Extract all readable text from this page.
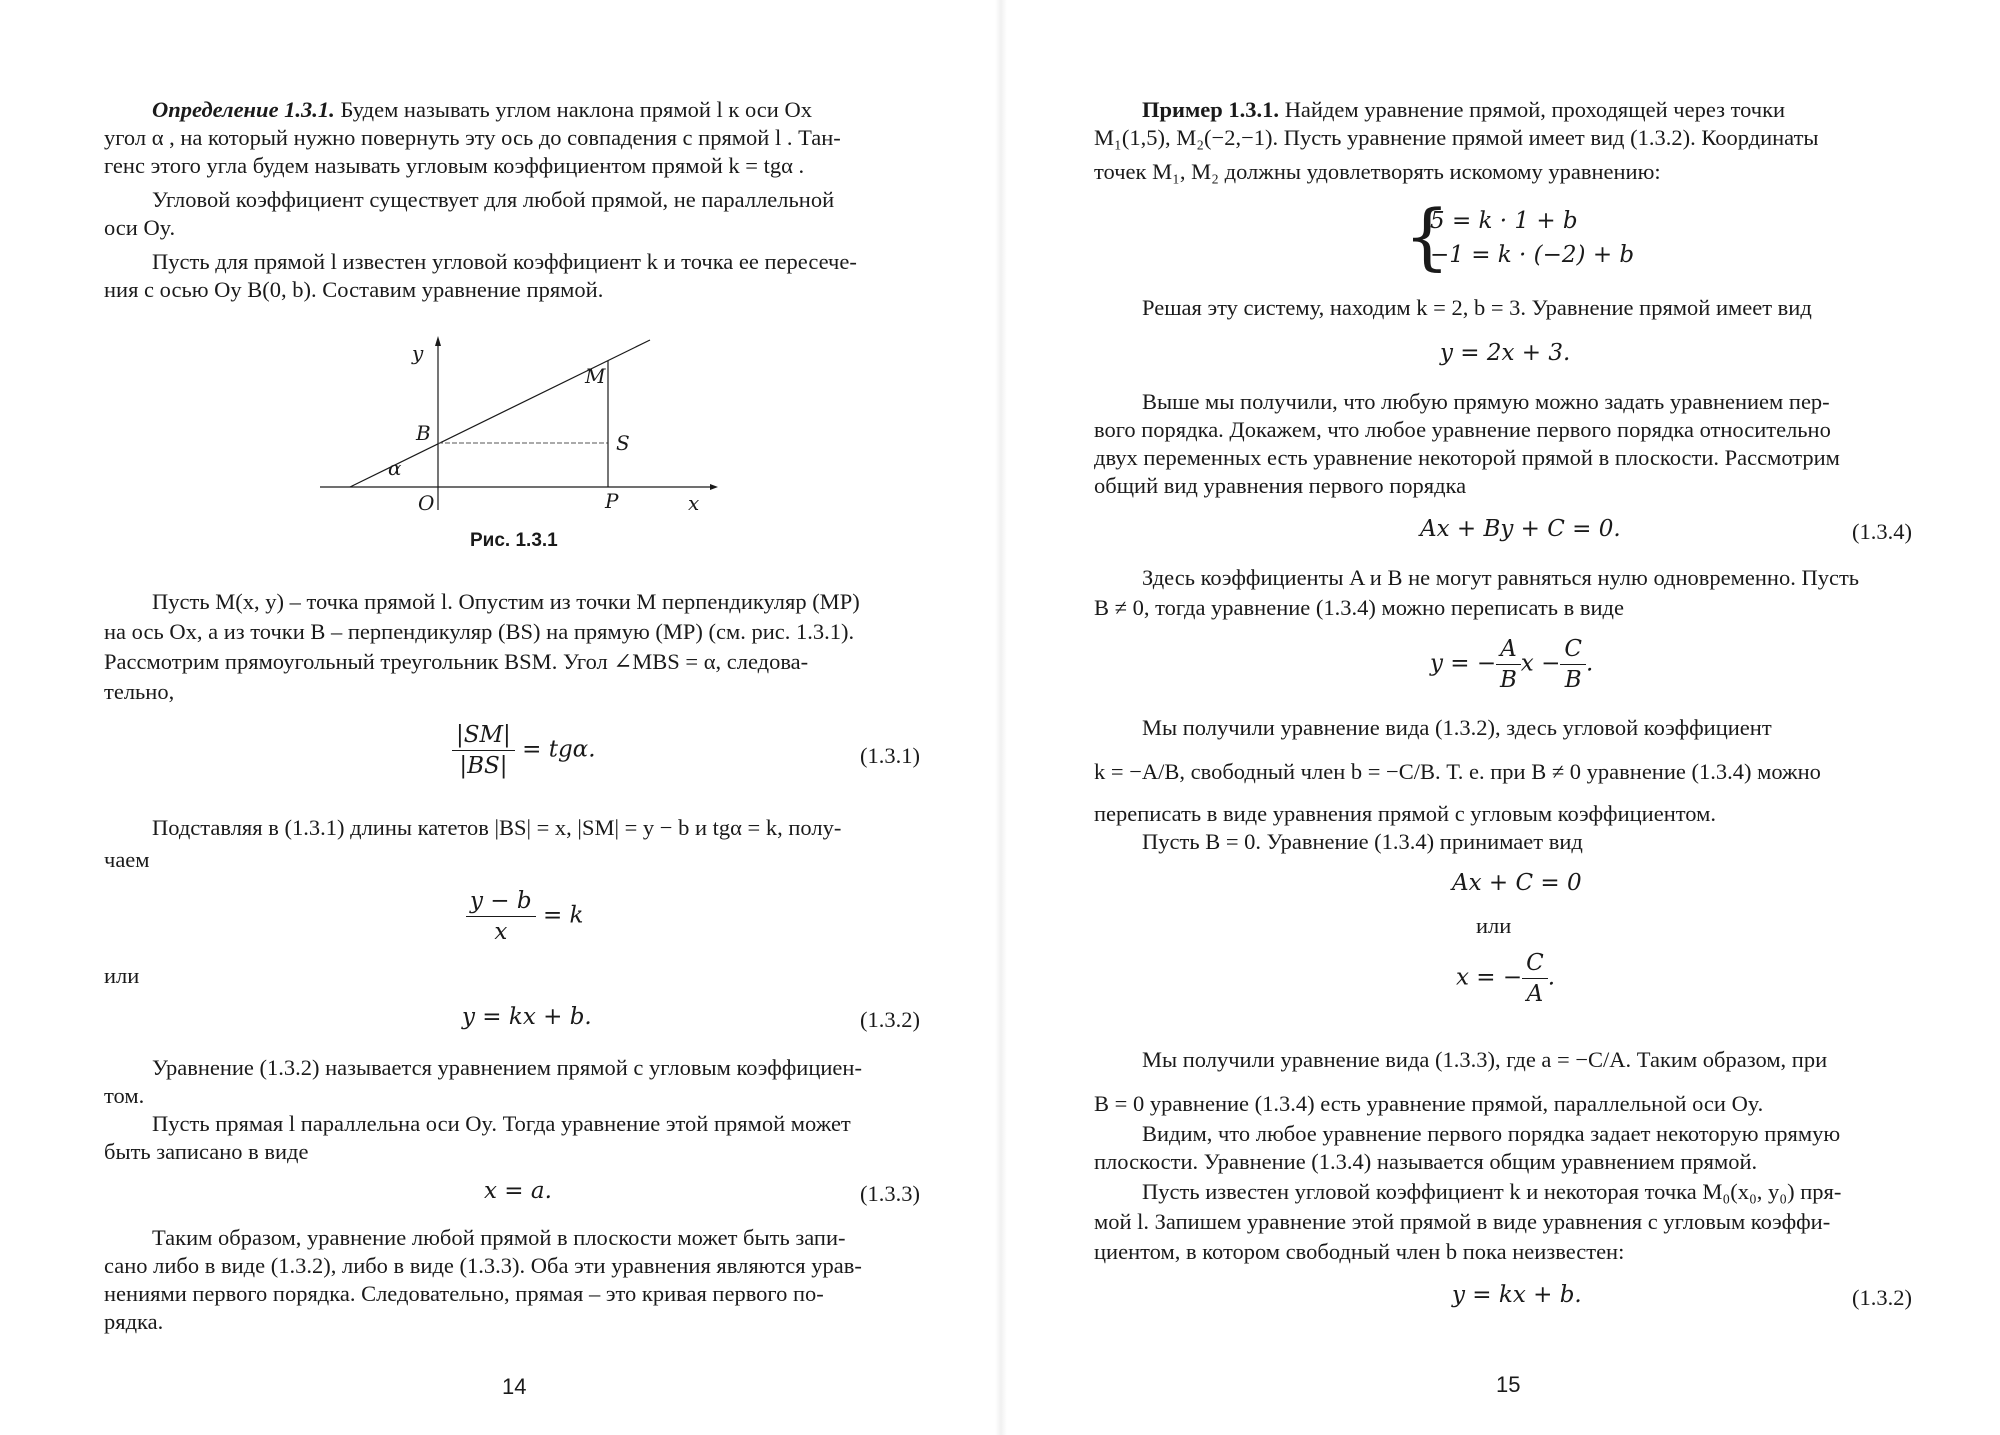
Определение 1.3.1. Будем называть углом наклона прямой l к оси Ox
угол α , на который нужно повернуть эту ось до совпадения с прямой l . Тан-
генс этого угла будем называть угловым коэффициентом прямой k = tgα .
Угловой коэффициент существует для любой прямой, не параллельной
оси Oy.
Пусть для прямой l известен угловой коэффициент k и точка ее пересече-
ния с осью Oy B(0, b). Составим уравнение прямой.
y
M
B	S
α
O	P	x
Рис. 1.3.1
Пусть M(x, y) – точка прямой l. Опустим из точки M перпендикуляр (MP)
на ось Ox, а из точки B – перпендикуляр (BS) на прямую (MP) (см. рис. 1.3.1).
Рассмотрим прямоугольный треугольник BSM. Угол ∠MBS = α, следова-
тельно,
$\frac{|SM|}{|BS|} = tg\alpha$.	(1.3.1)
Подставляя в (1.3.1) длины катетов |BS| = x, |SM| = y − b и tgα = k, полу-
чаем
$\frac{y - b}{x} = k$
или
y = kx + b.	(1.3.2)
Уравнение (1.3.2) называется уравнением прямой с угловым коэффициен-
том.
Пусть прямая l параллельна оси Oy. Тогда уравнение этой прямой может
быть записано в виде
x = a.	(1.3.3)
Таким образом, уравнение любой прямой в плоскости может быть запи-
сано либо в виде (1.3.2), либо в виде (1.3.3). Оба эти уравнения являются урав-
нениями первого порядка. Следовательно, прямая – это кривая первого по-
рядка.
14
Пример 1.3.1. Найдем уравнение прямой, проходящей через точки
M₁(1,5), M₂(−2,−1). Пусть уравнение прямой имеет вид (1.3.2). Координаты
точек M₁, M₂ должны удовлетворять искомому уравнению:
{
5 = k · 1 + b
−1 = k · (−2) + b
Решая эту систему, находим k = 2, b = 3. Уравнение прямой имеет вид
y = 2x + 3.
Выше мы получили, что любую прямую можно задать уравнением пер-
вого порядка. Докажем, что любое уравнение первого порядка относительно
двух переменных есть уравнение некоторой прямой в плоскости. Рассмотрим
общий вид уравнения первого порядка
Ax + By + C = 0.	(1.3.4)
Здесь коэффициенты A и B не могут равняться нулю одновременно. Пусть
B ≠ 0, тогда уравнение (1.3.4) можно переписать в виде
y = − $\frac{A}{B}$ $x - \frac{C}{B}$ .
Мы получили уравнение вида (1.3.2), здесь угловой коэффициент
k = −A/B, свободный член b = −C/B. Т. е. при B ≠ 0 уравнение (1.3.4) можно
переписать в виде уравнения прямой с угловым коэффициентом.
Пусть B = 0. Уравнение (1.3.4) принимает вид
Ax + C = 0
или
x = − $\frac{C}{A}$ .
Мы получили уравнение вида (1.3.3), где a = −C/A. Таким образом, при
B = 0 уравнение (1.3.4) есть уравнение прямой, параллельной оси Oy.
Видим, что любое уравнение первого порядка задает некоторую прямую
плоскости. Уравнение (1.3.4) называется общим уравнением прямой.
Пусть известен угловой коэффициент k и некоторая точка M₀(x₀, y₀) пря-
мой l. Запишем уравнение этой прямой в виде уравнения с угловым коэффи-
циентом, в котором свободный член b пока неизвестен:
y = kx + b.	(1.3.2)
15
